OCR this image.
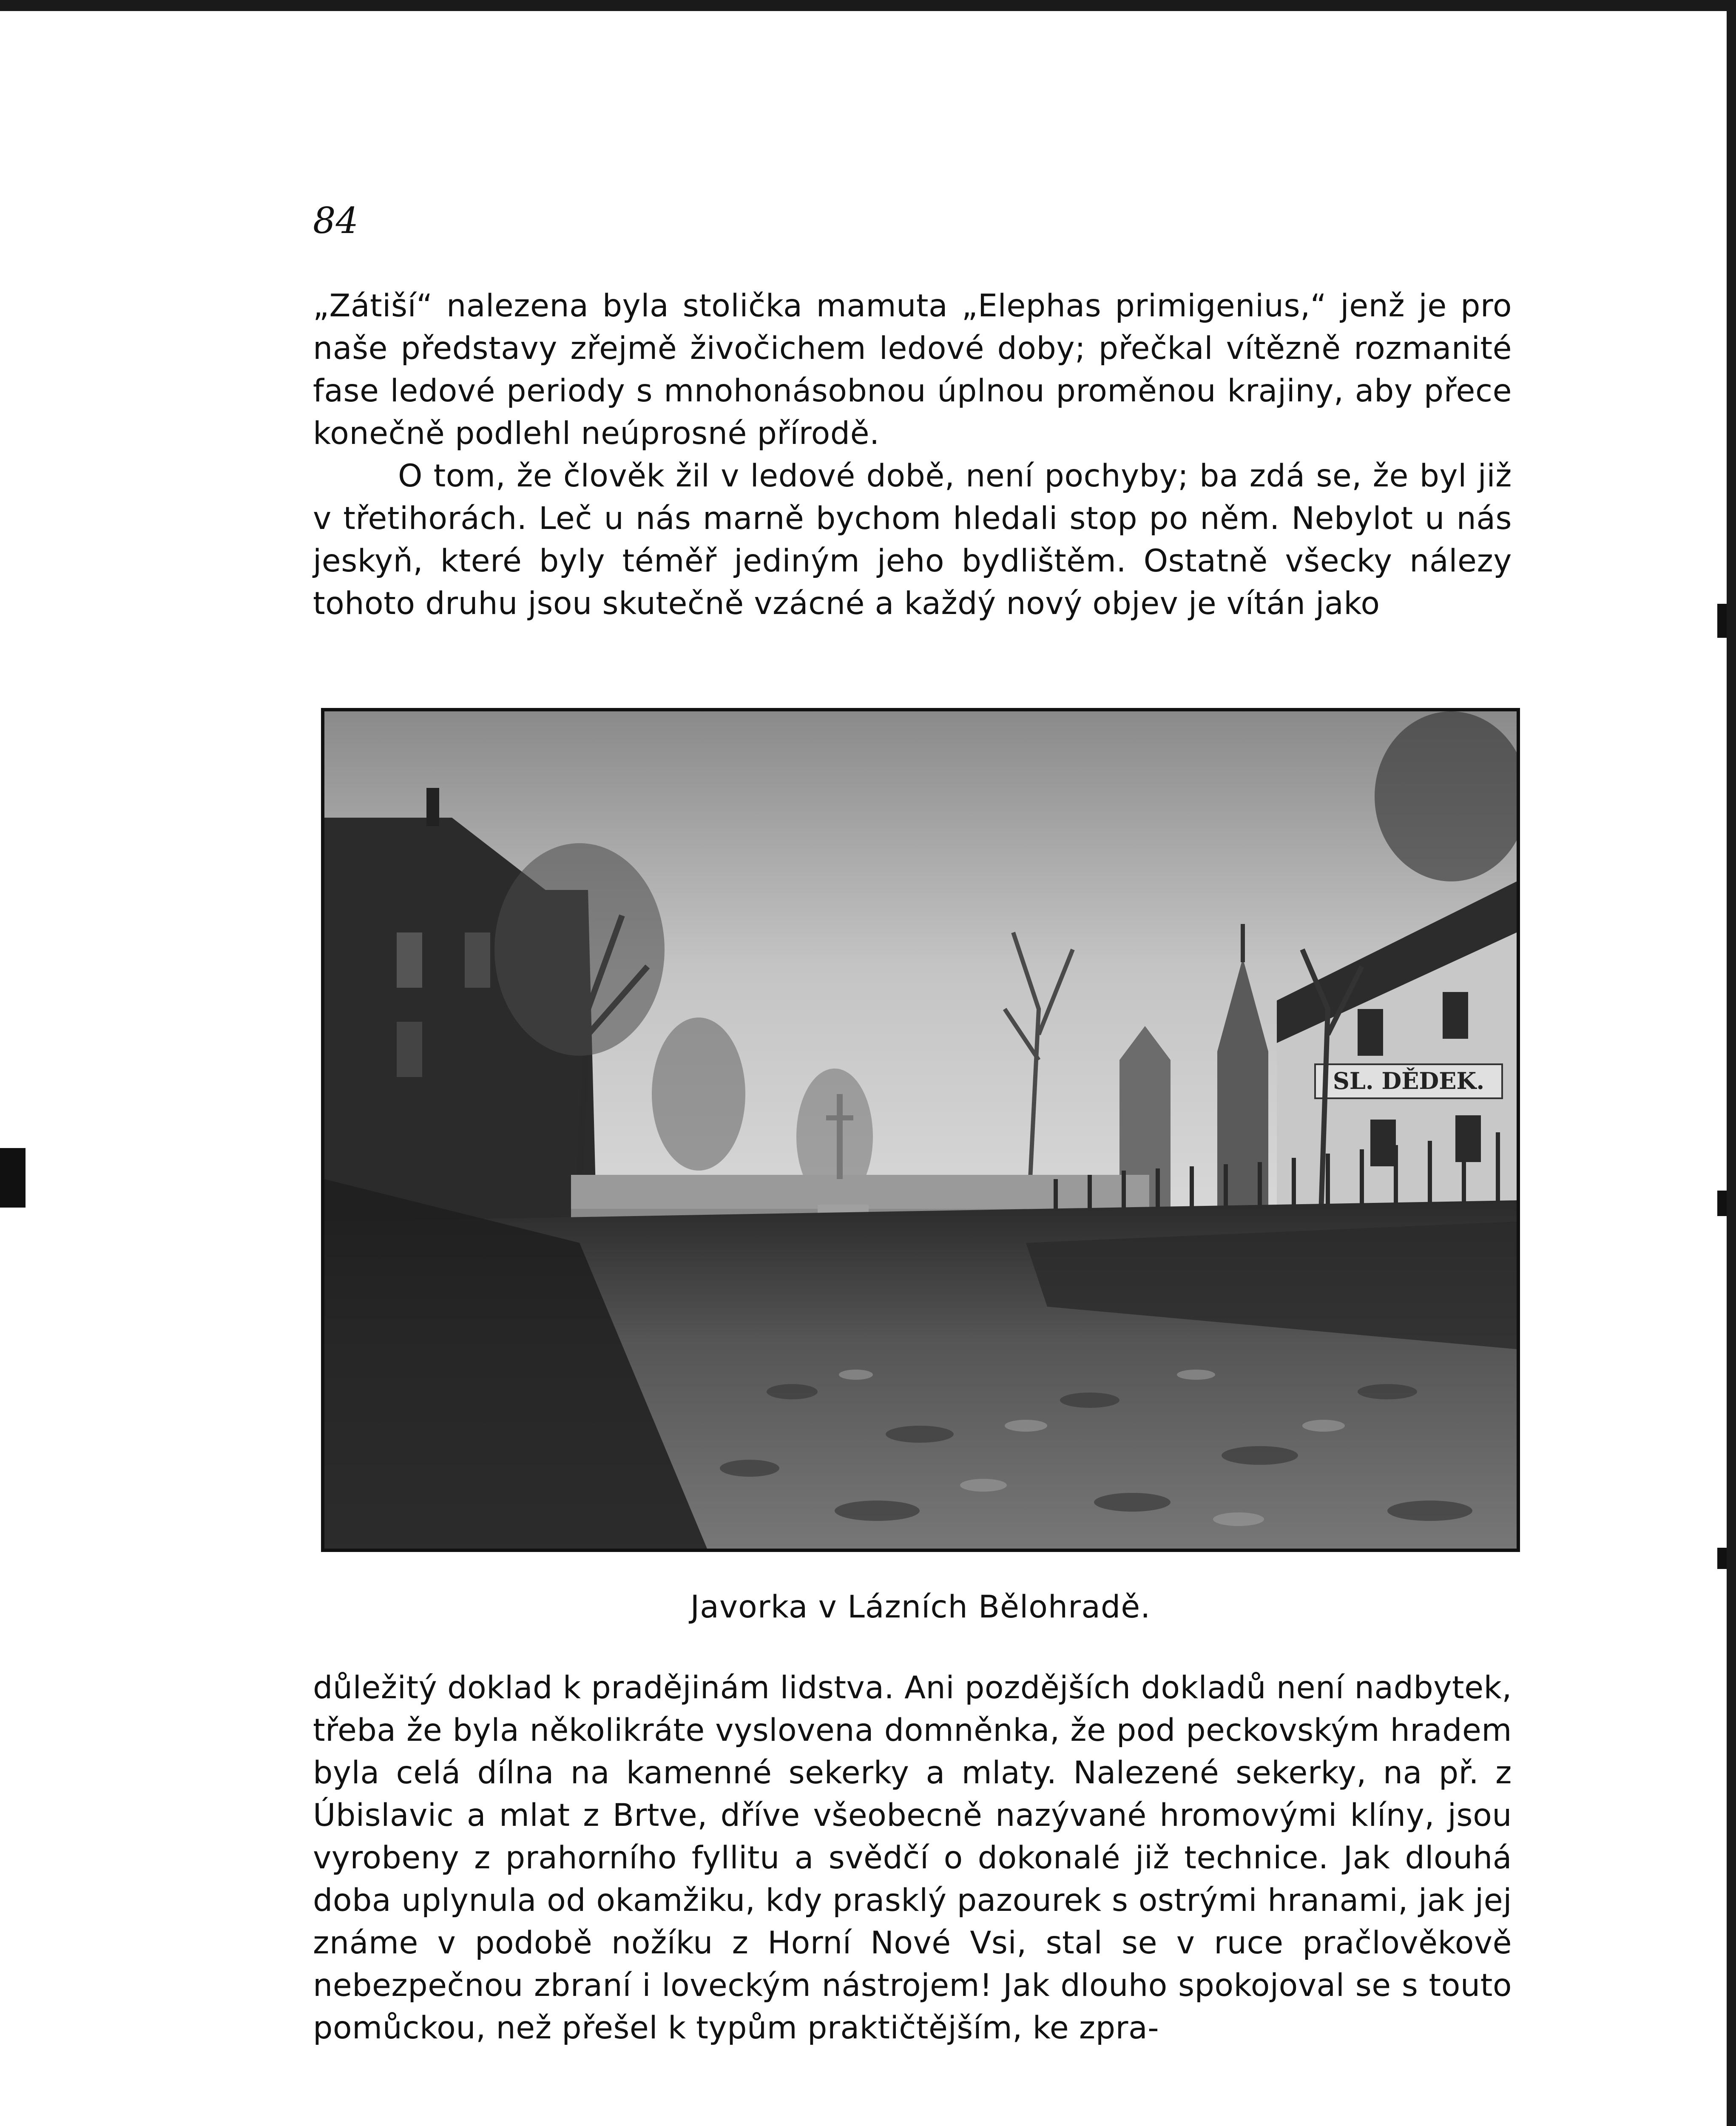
84

„Zátiší“ nalezena byla stolička mamuta „Elephas primigenius,“ jenž je pro naše představy zřejmě živočichem ledové doby; přečkal vítězně rozmanité fase ledové periody s mnohonásobnou úplnou proměnou krajiny, aby přece konečně podlehl neúprosné přírodě.

O tom, že člověk žil v ledové době, není pochyby; ba zdá se, že byl již v třetihorách. Leč u nás marně bychom hledali stop po něm. Nebylot u nás jeskyň, které byly téměř jediným jeho bydlištěm. Ostatně všecky nálezy tohoto druhu jsou skutečně vzácné a každý nový objev je vítán jako

SL. DĚDEK.
Javorka v Lázních Bělohradě.

důležitý doklad k pradějinám lidstva. Ani pozdějších dokladů není nadbytek, třeba že byla několikráte vyslovena domněnka, že pod peckovským hradem byla celá dílna na kamenné sekerky a mlaty. Nalezené sekerky, na př. z Úbislavic a mlat z Brtve, dříve všeobecně nazývané hromovými klíny, jsou vyrobeny z prahorního fyllitu a svědčí o dokonalé již technice. Jak dlouhá doba uplynula od okamžiku, kdy prasklý pazourek s ostrými hranami, jak jej známe v podobě nožíku z Horní Nové Vsi, stal se v ruce pračlověkově nebezpečnou zbraní i loveckým nástrojem! Jak dlouho spokojoval se s touto pomůckou, než přešel k typům praktičtějším, ke zpra-
